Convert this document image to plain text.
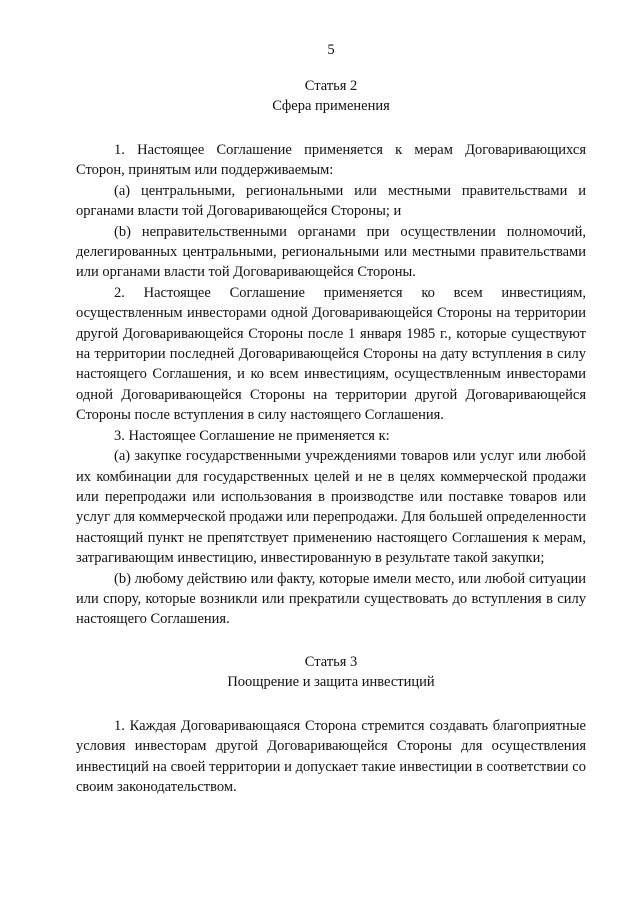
5
Статья 2
Сфера применения

1. Настоящее Соглашение применяется к мерам Договаривающихся Сторон, принятым или поддерживаемым:

(a) центральными, региональными или местными правительствами и органами власти той Договаривающейся Стороны; и

(b) неправительственными органами при осуществлении полномочий, делегированных центральными, региональными или местными правительствами или органами власти той Договаривающейся Стороны.

2. Настоящее Соглашение применяется ко всем инвестициям, осуществленным инвесторами одной Договаривающейся Стороны на территории другой Договаривающейся Стороны после 1 января 1985 г., которые существуют на территории последней Договаривающейся Стороны на дату вступления в силу настоящего Соглашения, и ко всем инвестициям, осуществленным инвесторами одной Договаривающейся Стороны на территории другой Договаривающейся Стороны после вступления в силу настоящего Соглашения.

3. Настоящее Соглашение не применяется к:

(a) закупке государственными учреждениями товаров или услуг или любой их комбинации для государственных целей и не в целях коммерческой продажи или перепродажи или использования в производстве или поставке товаров или услуг для коммерческой продажи или перепродажи. Для большей определенности настоящий пункт не препятствует применению настоящего Соглашения к мерам, затрагивающим инвестицию, инвестированную в результате такой закупки;

(b) любому действию или факту, которые имели место, или любой ситуации или спору, которые возникли или прекратили существовать до вступления в силу настоящего Соглашения.

Статья 3
Поощрение и защита инвестиций

1. Каждая Договаривающаяся Сторона стремится создавать благоприятные условия инвесторам другой Договаривающейся Стороны для осуществления инвестиций на своей территории и допускает такие инвестиции в соответствии со своим законодательством.
